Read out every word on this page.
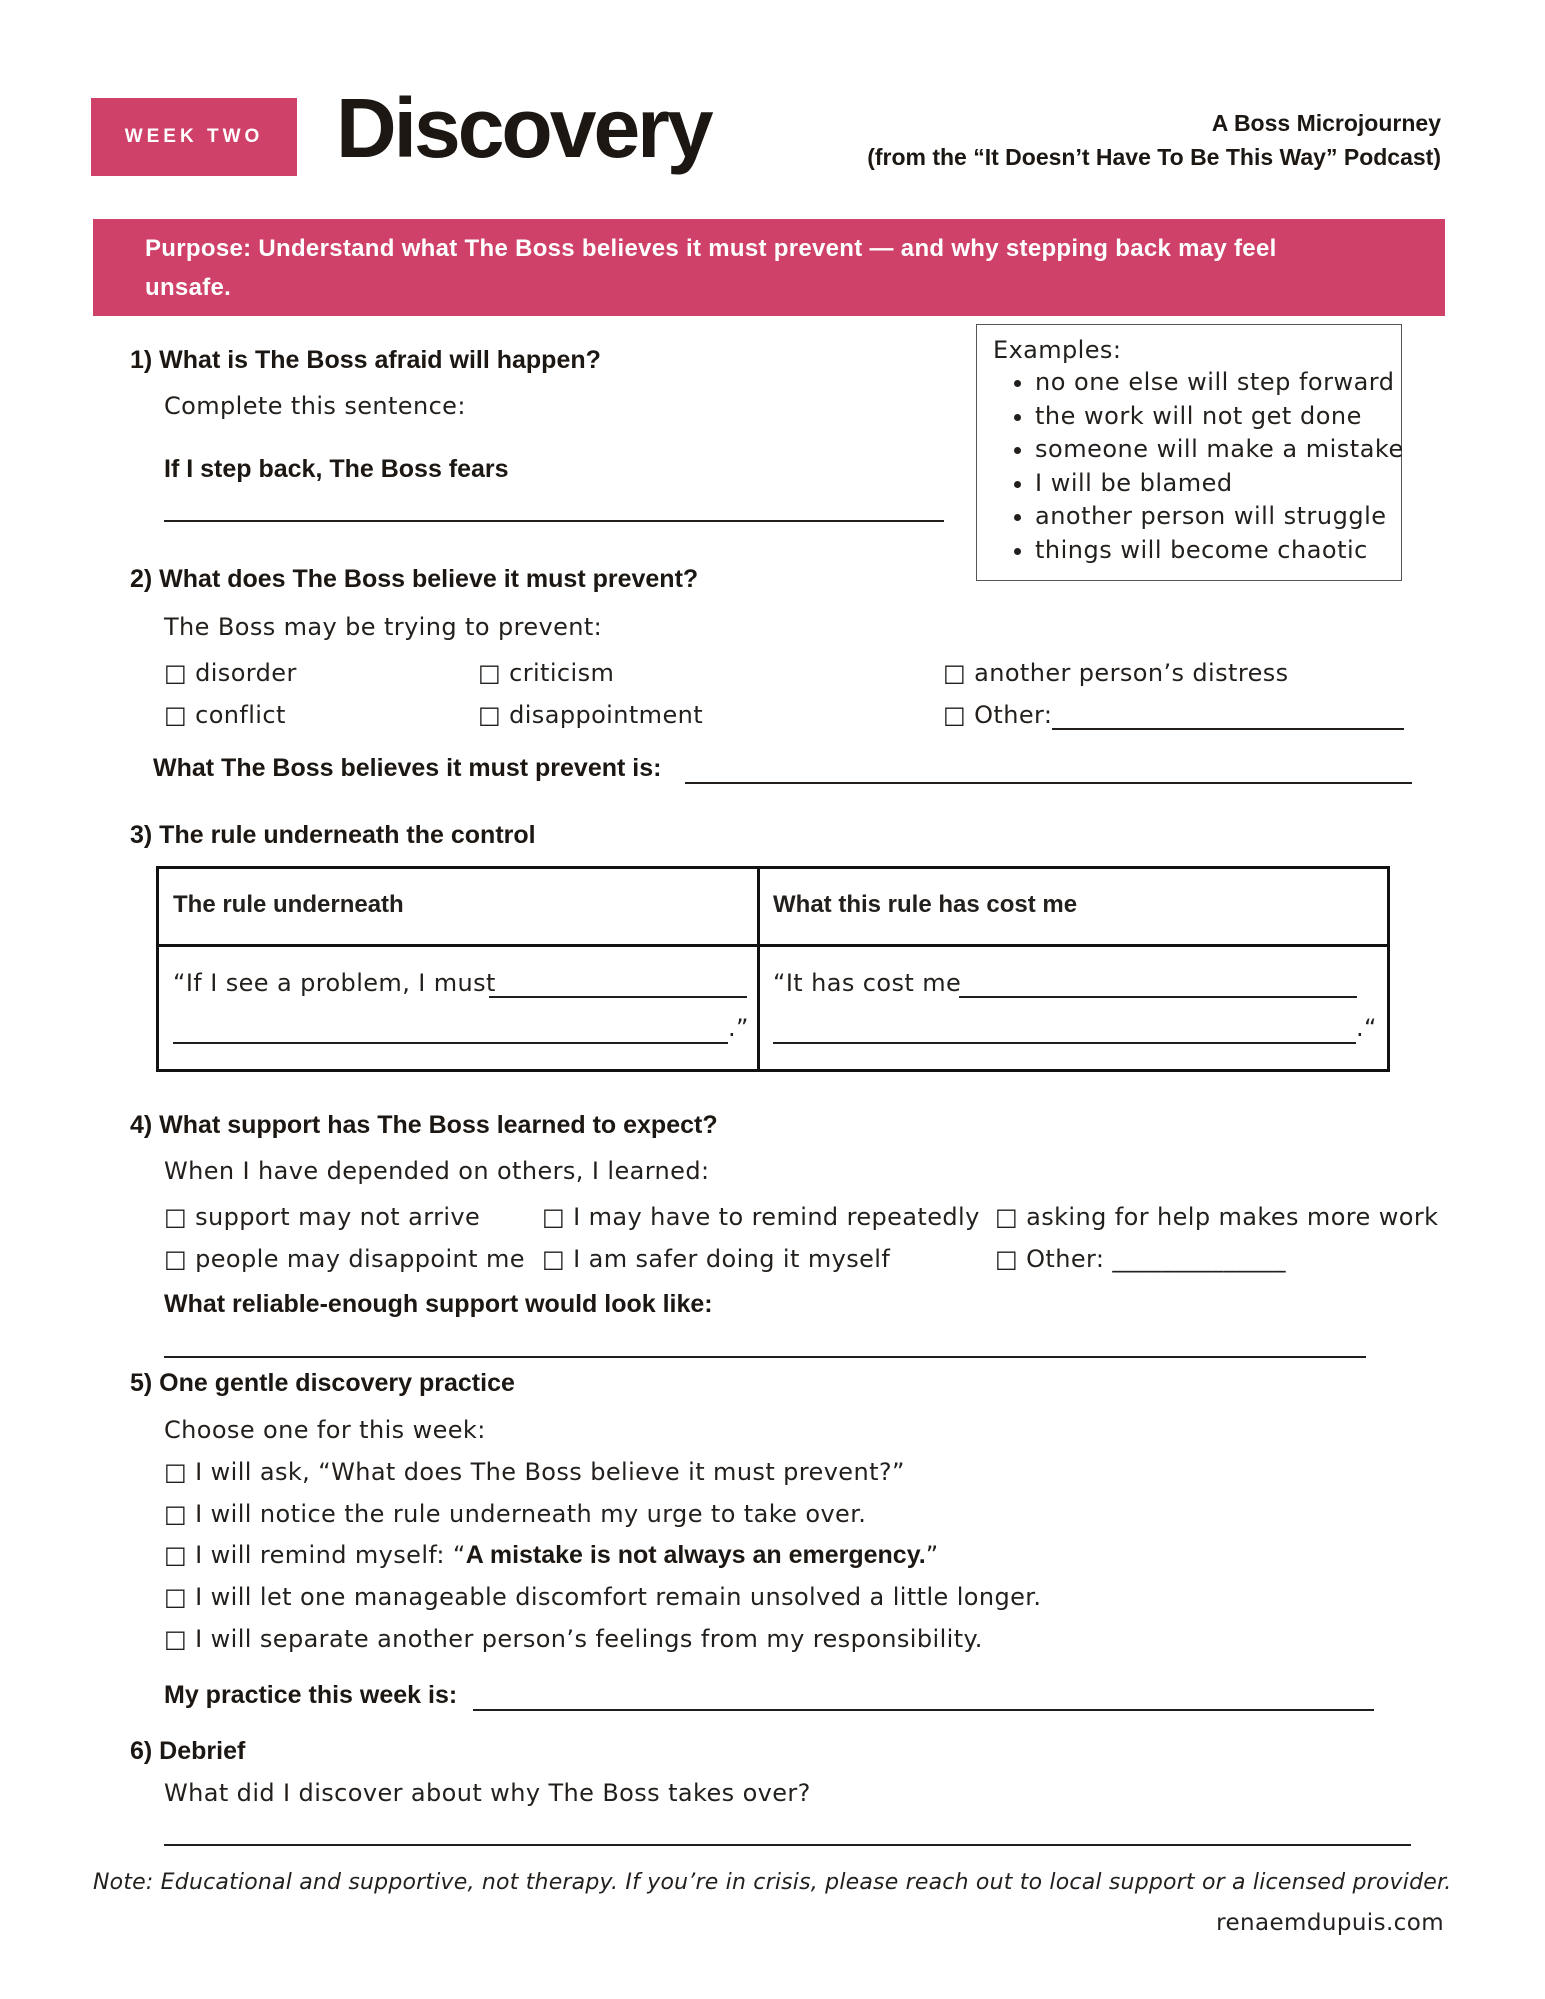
WEEK TWO Discovery	A Boss Microjourney
(from the “It Doesn’t Have To Be This Way” Podcast)
Purpose: Understand what The Boss believes it must prevent — and why stepping back may feel unsafe.
1) What is The Boss afraid will happen?
Complete this sentence:
If I step back, The Boss fears
Examples:
• no one else will step forward
• the work will not get done
• someone will make a mistake
• I will be blamed
• another person will struggle
• things will become chaotic
2) What does The Boss believe it must prevent?
The Boss may be trying to prevent:
□ disorder	□ criticism	□ another person’s distress
□ conflict	□ disappointment	□ Other:
What The Boss believes it must prevent is:
3) The rule underneath the control
The rule underneath	What this rule has cost me
“If I see a problem, I must
.”
“It has cost me
.“
4) What support has The Boss learned to expect?
When I have depended on others, I learned:
□ support may not arrive	□ I may have to remind repeatedly □ asking for help makes more work
□ people may disappoint me □ I am safer doing it myself	□ Other: ______________
What reliable-enough support would look like:
5) One gentle discovery practice
Choose one for this week:
□ I will ask, “What does The Boss believe it must prevent?”
□ I will notice the rule underneath my urge to take over.
□ I will remind myself: “A mistake is not always an emergency.”
□ I will let one manageable discomfort remain unsolved a little longer.
□ I will separate another person’s feelings from my responsibility.
My practice this week is:
6) Debrief
What did I discover about why The Boss takes over?
Note: Educational and supportive, not therapy. If you’re in crisis, please reach out to local support or a licensed provider.
renaemdupuis.com
